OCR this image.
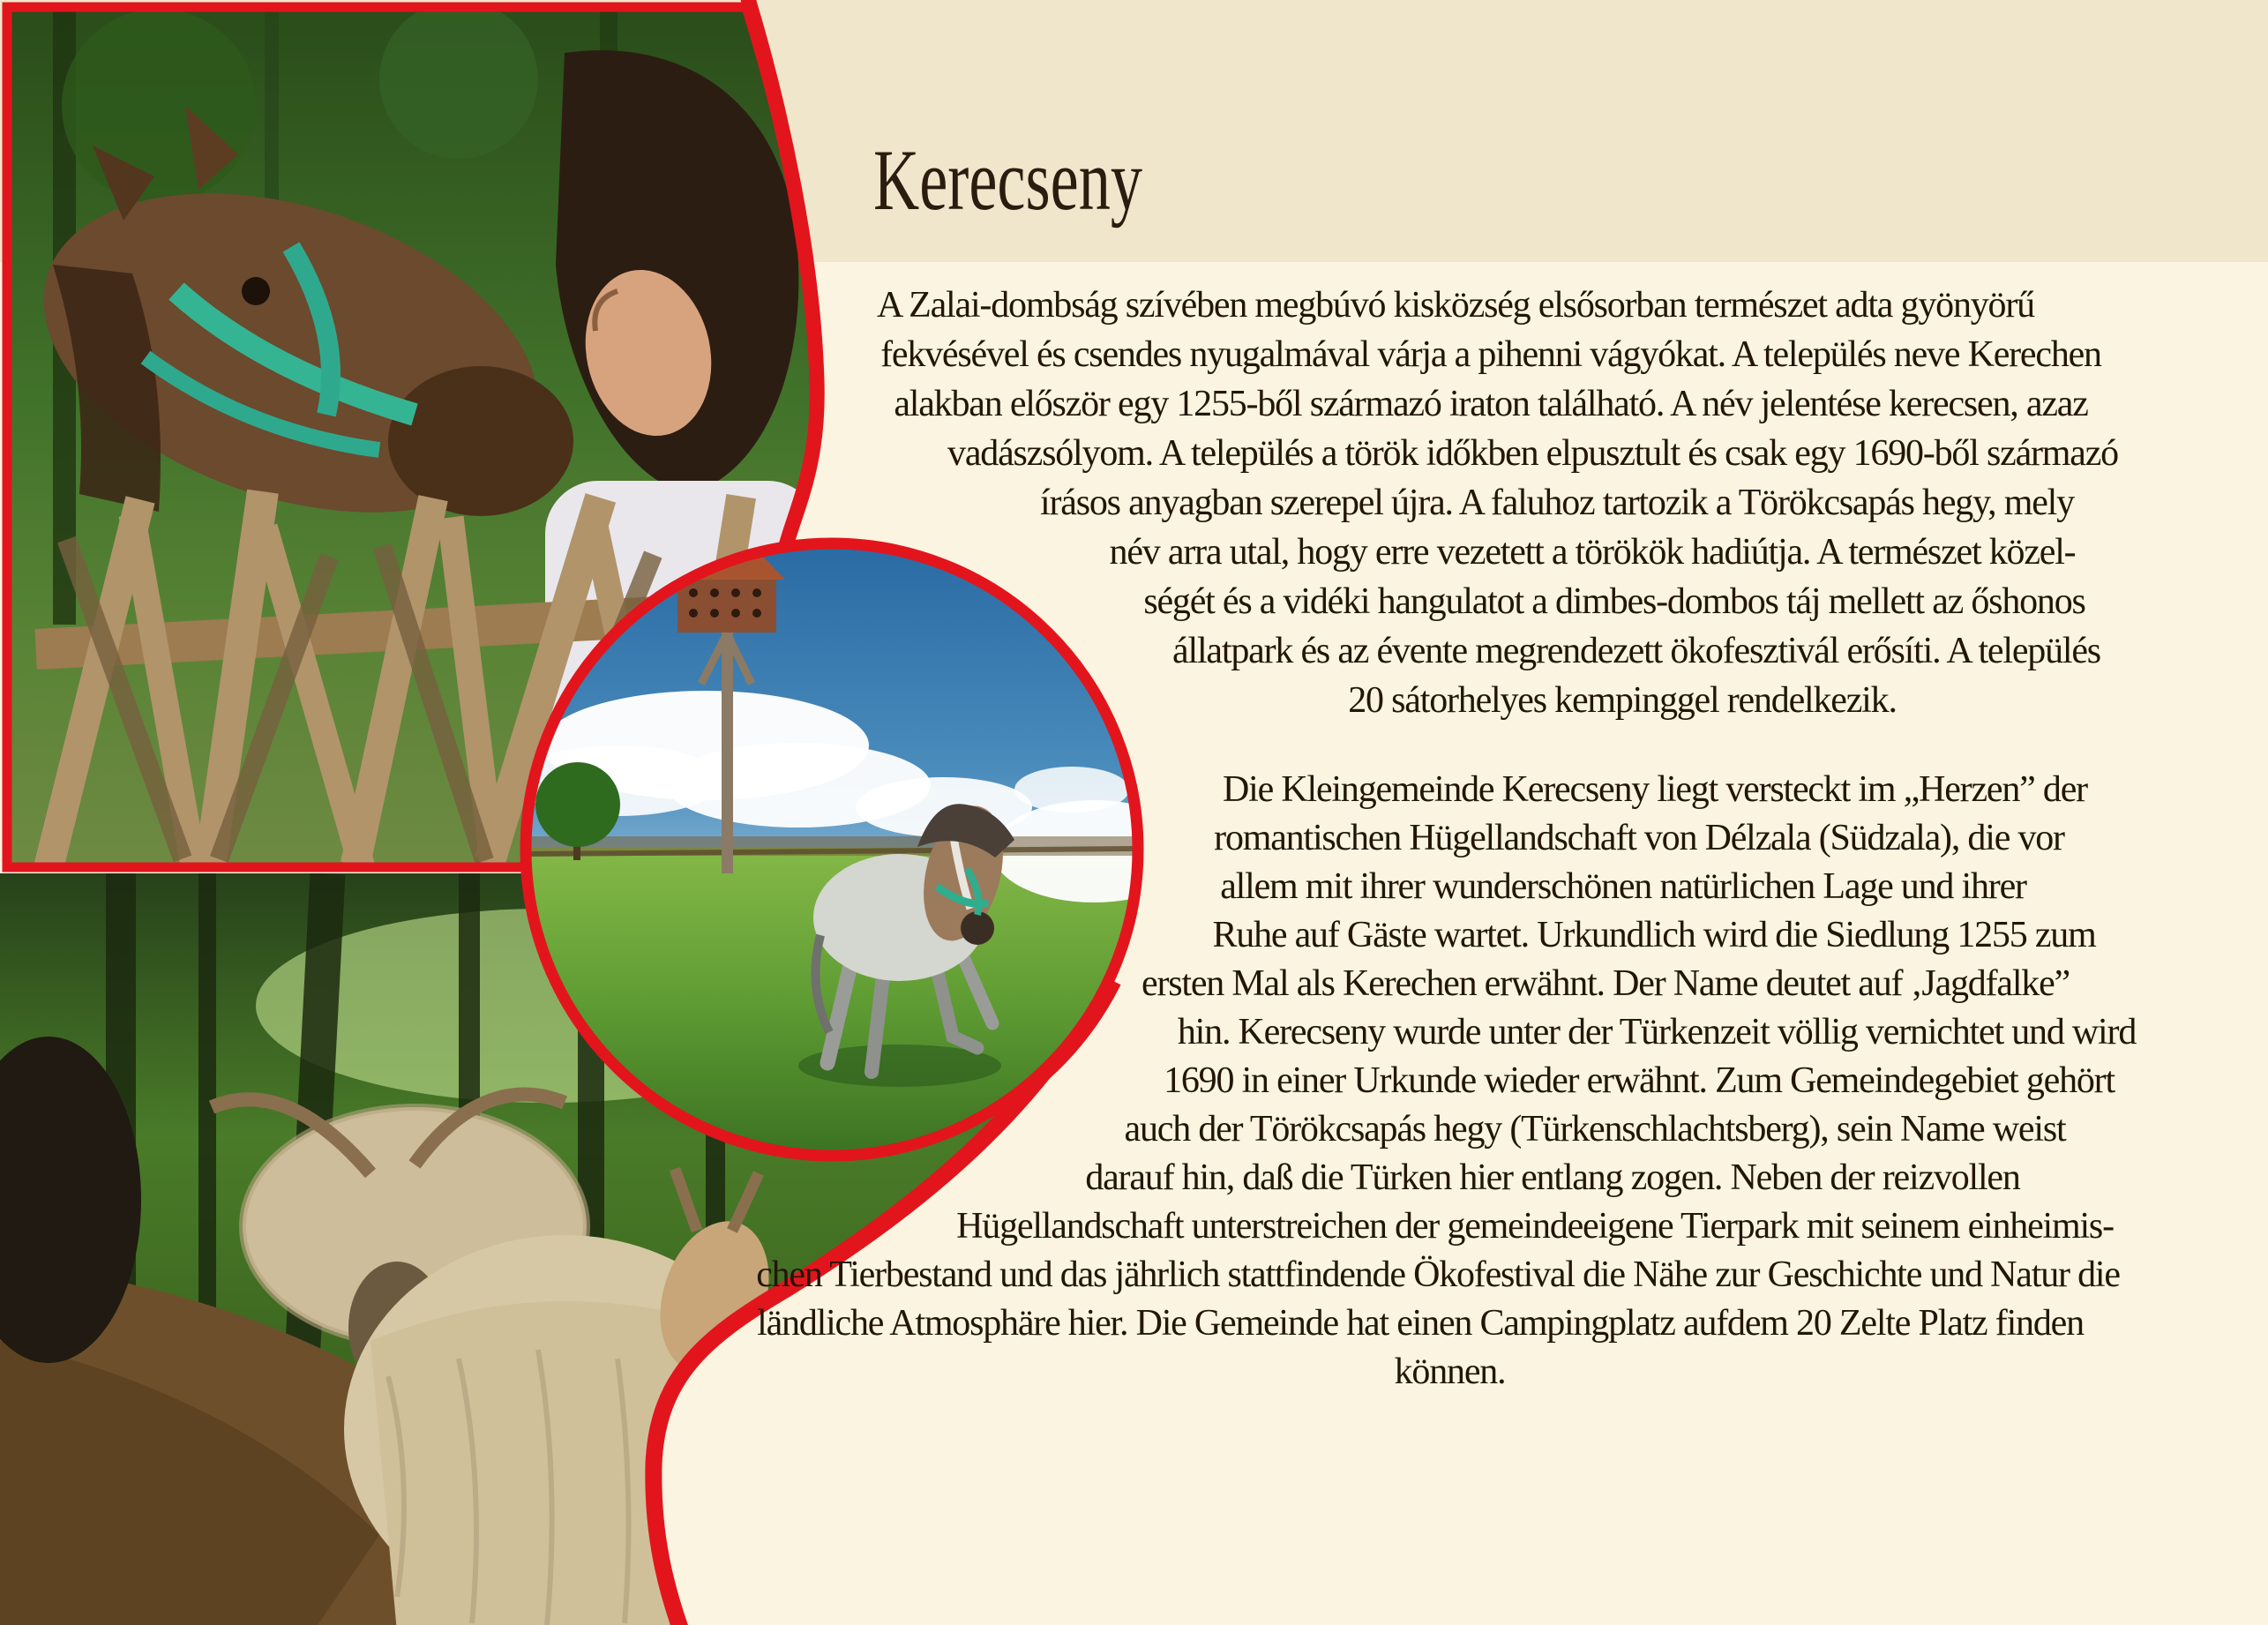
Kerecseny
A Zalai-dombság szívében megbúvó kisközség elsősorban természet adta gyönyörű
fekvésével és csendes nyugalmával várja a pihenni vágyókat. A település neve Kerechen
alakban először egy 1255-ből származó iraton található. A név jelentése kerecsen, azaz
vadászsólyom. A település a török időkben elpusztult és csak egy 1690-ből származó
írásos anyagban szerepel újra. A faluhoz tartozik a Törökcsapás hegy, mely
név arra utal, hogy erre vezetett a törökök hadiútja. A természet közel-
ségét és a vidéki hangulatot a dimbes-dombos táj mellett az őshonos
állatpark és az évente megrendezett ökofesztivál erősíti. A település
20 sátorhelyes kempinggel rendelkezik.
Die Kleingemeinde Kerecseny liegt versteckt im „Herzen” der
romantischen Hügellandschaft von Délzala (Südzala), die vor
allem mit ihrer wunderschönen natürlichen Lage und ihrer
Ruhe auf Gäste wartet. Urkundlich wird die Siedlung 1255 zum
ersten Mal als Kerechen erwähnt. Der Name deutet auf ‚Jagdfalke”
hin. Kerecseny wurde unter der Türkenzeit völlig vernichtet und wird
1690 in einer Urkunde wieder erwähnt. Zum Gemeindegebiet gehört
auch der Törökcsapás hegy (Türkenschlachtsberg), sein Name weist
darauf hin, daß die Türken hier entlang zogen. Neben der reizvollen
Hügellandschaft unterstreichen der gemeindeeigene Tierpark mit seinem einheimis-
chen Tierbestand und das jährlich stattfindende Ökofestival die Nähe zur Geschichte und Natur die
ländliche Atmosphäre hier. Die Gemeinde hat einen Campingplatz aufdem 20 Zelte Platz finden
können.
